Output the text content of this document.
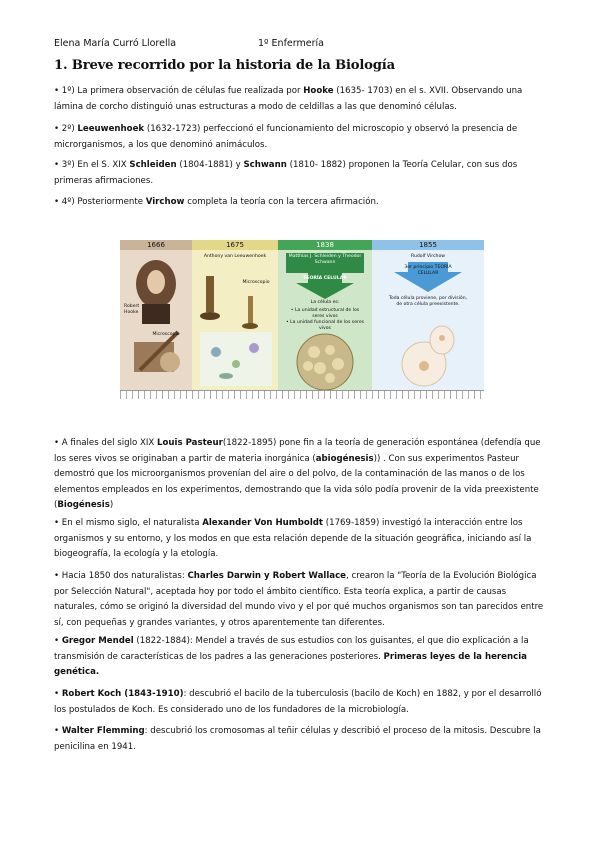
Elena María Curró Llorella	1º Enfermería
1. Breve recorrido por la historia de la Biología
• 1º) La primera observación de células fue realizada por Hooke (1635- 1703) en el s. XVII. Observando una lámina de corcho distinguió unas estructuras a modo de celdillas a las que denominó células.
• 2º) Leeuwenhoek (1632-1723) perfeccionó el funcionamiento del microscopio y observó la presencia de microrganismos, a los que denominó animáculos.
• 3º) En el S. XIX Schleiden (1804-1881) y Schwann (1810- 1882) proponen la Teoría Celular, con sus dos primeras afirmaciones.
• 4º) Posteriormente Virchow completa la teoría con la tercera afirmación.
1666
Robert Hooke
Microscopio
1675
Anthony van Leeuwenhoek
Microscopio
1838
Matthias J. Schleiden y Theodor Schwann
TEORÍA CELULAR
La célula es:
• La unidad estructural de los seres vivos
• La unidad funcional de los seres vivos
1855
Rudolf Virchow
3er principio TEORÍA CELULAR
Toda célula proviene, por división, de otra célula preexistente.
• A finales del siglo XIX Louis Pasteur(1822-1895) pone fin a la teoría de generación espontánea (defendía que los seres vivos se originaban a partir de materia inorgánica (abiogénesis)) . Con sus experimentos Pasteur demostró que los microorganismos provenían del aire o del polvo, de la contaminación de las manos o de los elementos empleados en los experimentos, demostrando que la vida sólo podía provenir de la vida preexistente (Biogénesis)
• En el mismo siglo, el naturalista Alexander Von Humboldt (1769-1859) investigó la interacción entre los organismos y su entorno, y los modos en que esta relación depende de la situación geográfica, iniciando así la biogeografía, la ecología y la etología.
• Hacia 1850 dos naturalistas: Charles Darwin y Robert Wallace, crearon la "Teoría de la Evolución Biológica por Selección Natural", aceptada hoy por todo el ámbito científico. Esta teoría explica, a partir de causas naturales, cómo se originó la diversidad del mundo vivo y el por qué muchos organismos son tan parecidos entre sí, con pequeñas y grandes variantes, y otros aparentemente tan diferentes.
• Gregor Mendel (1822-1884): Mendel a través de sus estudios con los guisantes, el que dio explicación a la transmisión de características de los padres a las generaciones posteriores. Primeras leyes de la herencia genética.
• Robert Koch (1843-1910): descubrió el bacilo de la tuberculosis (bacilo de Koch) en 1882, y por el desarrolló los postulados de Koch. Es considerado uno de los fundadores de la microbiología.
• Walter Flemming: descubrió los cromosomas al teñir células y describió el proceso de la mitosis. Descubre la penicilina en 1941.
